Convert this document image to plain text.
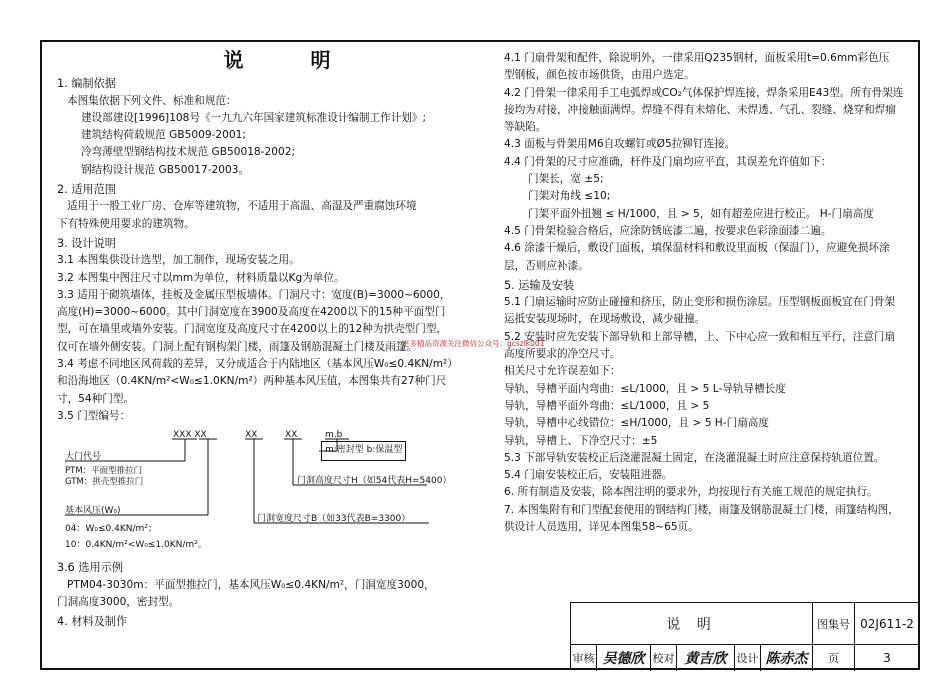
说 明
1. 编制依据
本图集依据下列文件、标准和规范：
建设部建设[1996]108号《一九九六年国家建筑标准设计编制工作计划》;
建筑结构荷载规范 GB5009-2001;
冷弯薄壁型钢结构技术规范 GB50018-2002;
钢结构设计规范 GB50017-2003。
2. 适用范围
适用于一般工业厂房、仓库等建筑物，不适用于高温、高湿及严重腐蚀环境
下有特殊使用要求的建筑物。
3. 设计说明
3.1 本图集供设计选型，加工制作，现场安装之用。
3.2 本图集中图注尺寸以mm为单位，材料质量以Kg为单位。
3.3 适用于砌筑墙体，挂板及金属压型板墙体。门洞尺寸：宽度(B)=3000~6000，
高度(H)=3000~6000。其中门洞宽度在3900及高度在4200以下的15种平面型门
型，可在墙里或墙外安装。门洞宽度及高度尺寸在4200以上的12种为拱壳型门型，
仅可在墙外侧安装。门洞上配有钢构架门楼，雨篷及钢筋混凝土门楼及雨篷。
3.4 考虑不同地区风荷载的差异，又分成适合于内陆地区（基本风压W₀≤0.4KN/m²）
和沿海地区（0.4KN/m²<W₀≤1.0KN/m²）两种基本风压值，本图集共有27种门尺
寸，54种门型。
3.5 门型编号：
XXX XX	XX	XX	m.b
m:密封型 b:保温型
大门代号
PTM：平面型推拉门
GTM：拱壳型推拉门	门洞高度尺寸H（如54代表H=5400）
基本风压(W₀)
门洞宽度尺寸B（如33代表B=3300）
04：W₀≤0.4KN/m²；
10：0.4KN/m²<W₀≤1.0KN/m²。
3.6 选用示例
PTM04-3030m：平面型推拉门，基本风压W₀≤0.4KN/m²，门洞宽度3000，
门洞高度3000，密封型。
4. 材料及制作
4.1 门扇骨架和配件，除说明外，一律采用Q235钢材，面板采用t=0.6mm彩色压
型钢板，颜色按市场供货，由用户选定。
4.2 门骨架一律采用手工电弧焊或CO₂气体保护焊连接，焊条采用E43型。所有骨架连
接均为对接，冲接触面满焊。焊缝不得有未熔化、未焊透、气孔、裂缝、烧穿和焊瘤
等缺陷。
4.3 面板与骨架用M6自攻螺钉或Ø5拉铆钉连接。
4.4 门骨架的尺寸应准确，杆件及门扇均应平直，其误差允许值如下：
门架长，宽 ±5;
门架对角线 ≤10;
门架平面外扭翘 ≤ H/1000，且 > 5，如有超差应进行校正。 H-门扇高度
4.5 门骨架检验合格后，应涂防锈底漆二遍，按要求色彩涂面漆二遍。
4.6 涂漆干燥后，敷设门面板，填保温材料和敷设里面板（保温门），应避免损坏涂
层，否则应补漆。
5. 运输及安装
5.1 门扇运输时应防止碰撞和挤压，防止变形和损伤涂层。压型钢板面板宜在门骨架
运抵安装现场时，在现场敷设，减少碰撞。
5.2 安装时应先安装下部导轨和上部导槽，上、下中心应一致和相互平行，注意门扇
高度所要求的净空尺寸。
相关尺寸允许误差如下：
导轨，导槽平面内弯曲：≤L/1000，且 > 5 L-导轨导槽长度
导轨，导槽平面外弯曲：≤L/1000，且 > 5
导轨，导槽中心线错位：≤H/1000，且 > 5 H-门扇高度
导轨，导槽上、下净空尺寸：±5
5.3 下部导轨安装校正后浇灌混凝土固定，在浇灌混凝土时应注意保持轨道位置。
5.4 门扇安装校正后，安装阻进器。
6. 所有制造及安装，除本图注明的要求外，均按现行有关施工规范的规定执行。
7. 本图集附有和门型配套使用的钢结构门楼，雨篷及钢筋混凝土门楼，雨篷结构图，
供设计人员选用，详见本图集58~65页。
更多精品资源关注微信公众号：gcszlk001
说 明	图集号 02J611-2
审核 吴德欣 校对 黄吉欣 设计 陈赤杰	页	3
